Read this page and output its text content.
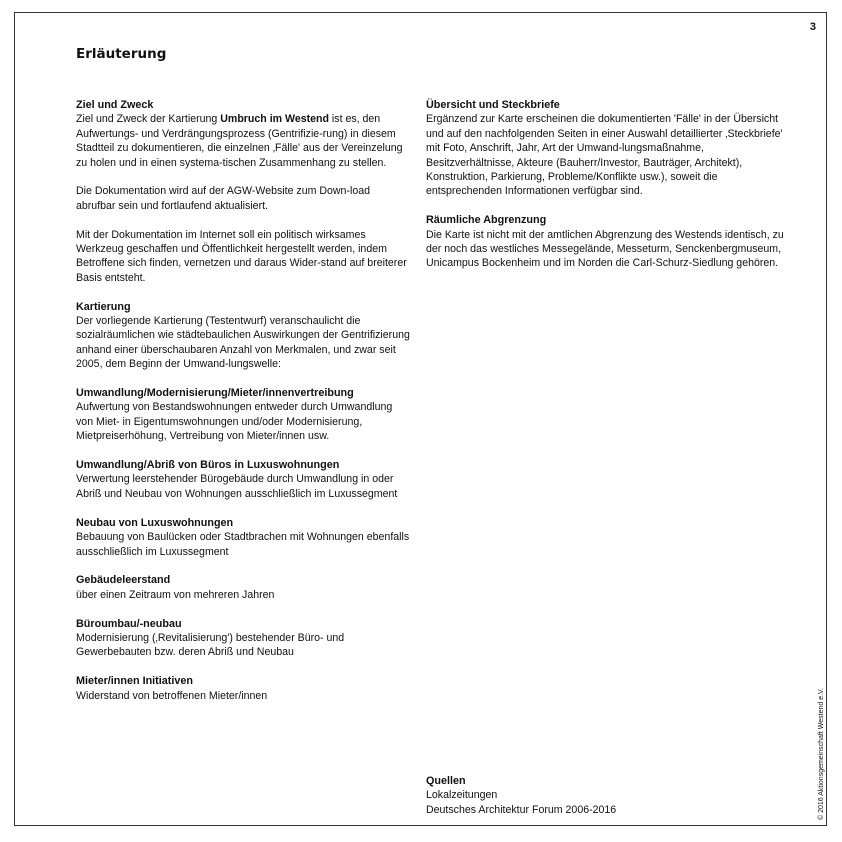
3
Erläuterung
Ziel und Zweck

Ziel und Zweck der Kartierung Umbruch im Westend ist es, den Aufwertungs- und Verdrängungsprozess (Gentrifizie-rung) in diesem Stadtteil zu dokumentieren, die einzelnen ‚Fälle' aus der Vereinzelung zu holen und in einen systema-tischen Zusammenhang zu stellen.

Die Dokumentation wird auf der AGW-Website zum Down-load abrufbar sein und fortlaufend aktualisiert.

Mit der Dokumentation im Internet soll ein politisch wirksames Werkzeug geschaffen und Öffentlichkeit hergestellt werden, indem Betroffene sich finden, vernetzen und daraus Wider-stand auf breiterer Basis entsteht.

Kartierung

Der vorliegende Kartierung (Testentwurf) veranschaulicht die sozialräumlichen wie städtebaulichen Auswirkungen der Gentrifizierung anhand einer überschaubaren Anzahl von Merkmalen, und zwar seit 2005, dem Beginn der Umwand-lungswelle:

Umwandlung/Modernisierung/Mieter/innenvertreibung

Aufwertung von Bestandswohnungen entweder durch Umwandlung von Miet- in Eigentumswohnungen und/oder Modernisierung, Mietpreiserhöhung, Vertreibung von Mieter/innen usw.

Umwandlung/Abriß von Büros in Luxuswohnungen

Verwertung leerstehender Bürogebäude durch Umwandlung in oder Abriß und Neubau von Wohnungen ausschließlich im Luxussegment

Neubau von Luxuswohnungen

Bebauung von Baulücken oder Stadtbrachen mit Wohnungen ebenfalls ausschließlich im Luxussegment

Gebäudeleerstand

über einen Zeitraum von mehreren Jahren

Büroumbau/-neubau

Modernisierung (‚Revitalisierung') bestehender Büro- und Gewerbebauten bzw. deren Abriß und Neubau

Mieter/innen Initiativen

Widerstand von betroffenen Mieter/innen

Übersicht und Steckbriefe

Ergänzend zur Karte erscheinen die dokumentierten 'Fälle' in der Übersicht und auf den nachfolgenden Seiten in einer Auswahl detaillierter ‚Steckbriefe' mit Foto, Anschrift, Jahr, Art der Umwand-lungsmaßnahme, Besitzverhältnisse, Akteure (Bauherr/Investor, Bauträger, Architekt), Konstruktion, Parkierung, Probleme/Konflikte usw.), soweit die entsprechenden Informationen verfügbar sind.

Räumliche Abgrenzung

Die Karte ist nicht mit der amtlichen Abgrenzung des Westends identisch, zu der noch das westliches Messegelände, Messeturm, Senckenbergmuseum, Unicampus Bockenheim und im Norden die Carl-Schurz-Siedlung gehören.

Quellen
Lokalzeitungen
Deutsches Architektur Forum 2006-2016	© 2016 Aktionsgemeinschaft Westend e.V.
